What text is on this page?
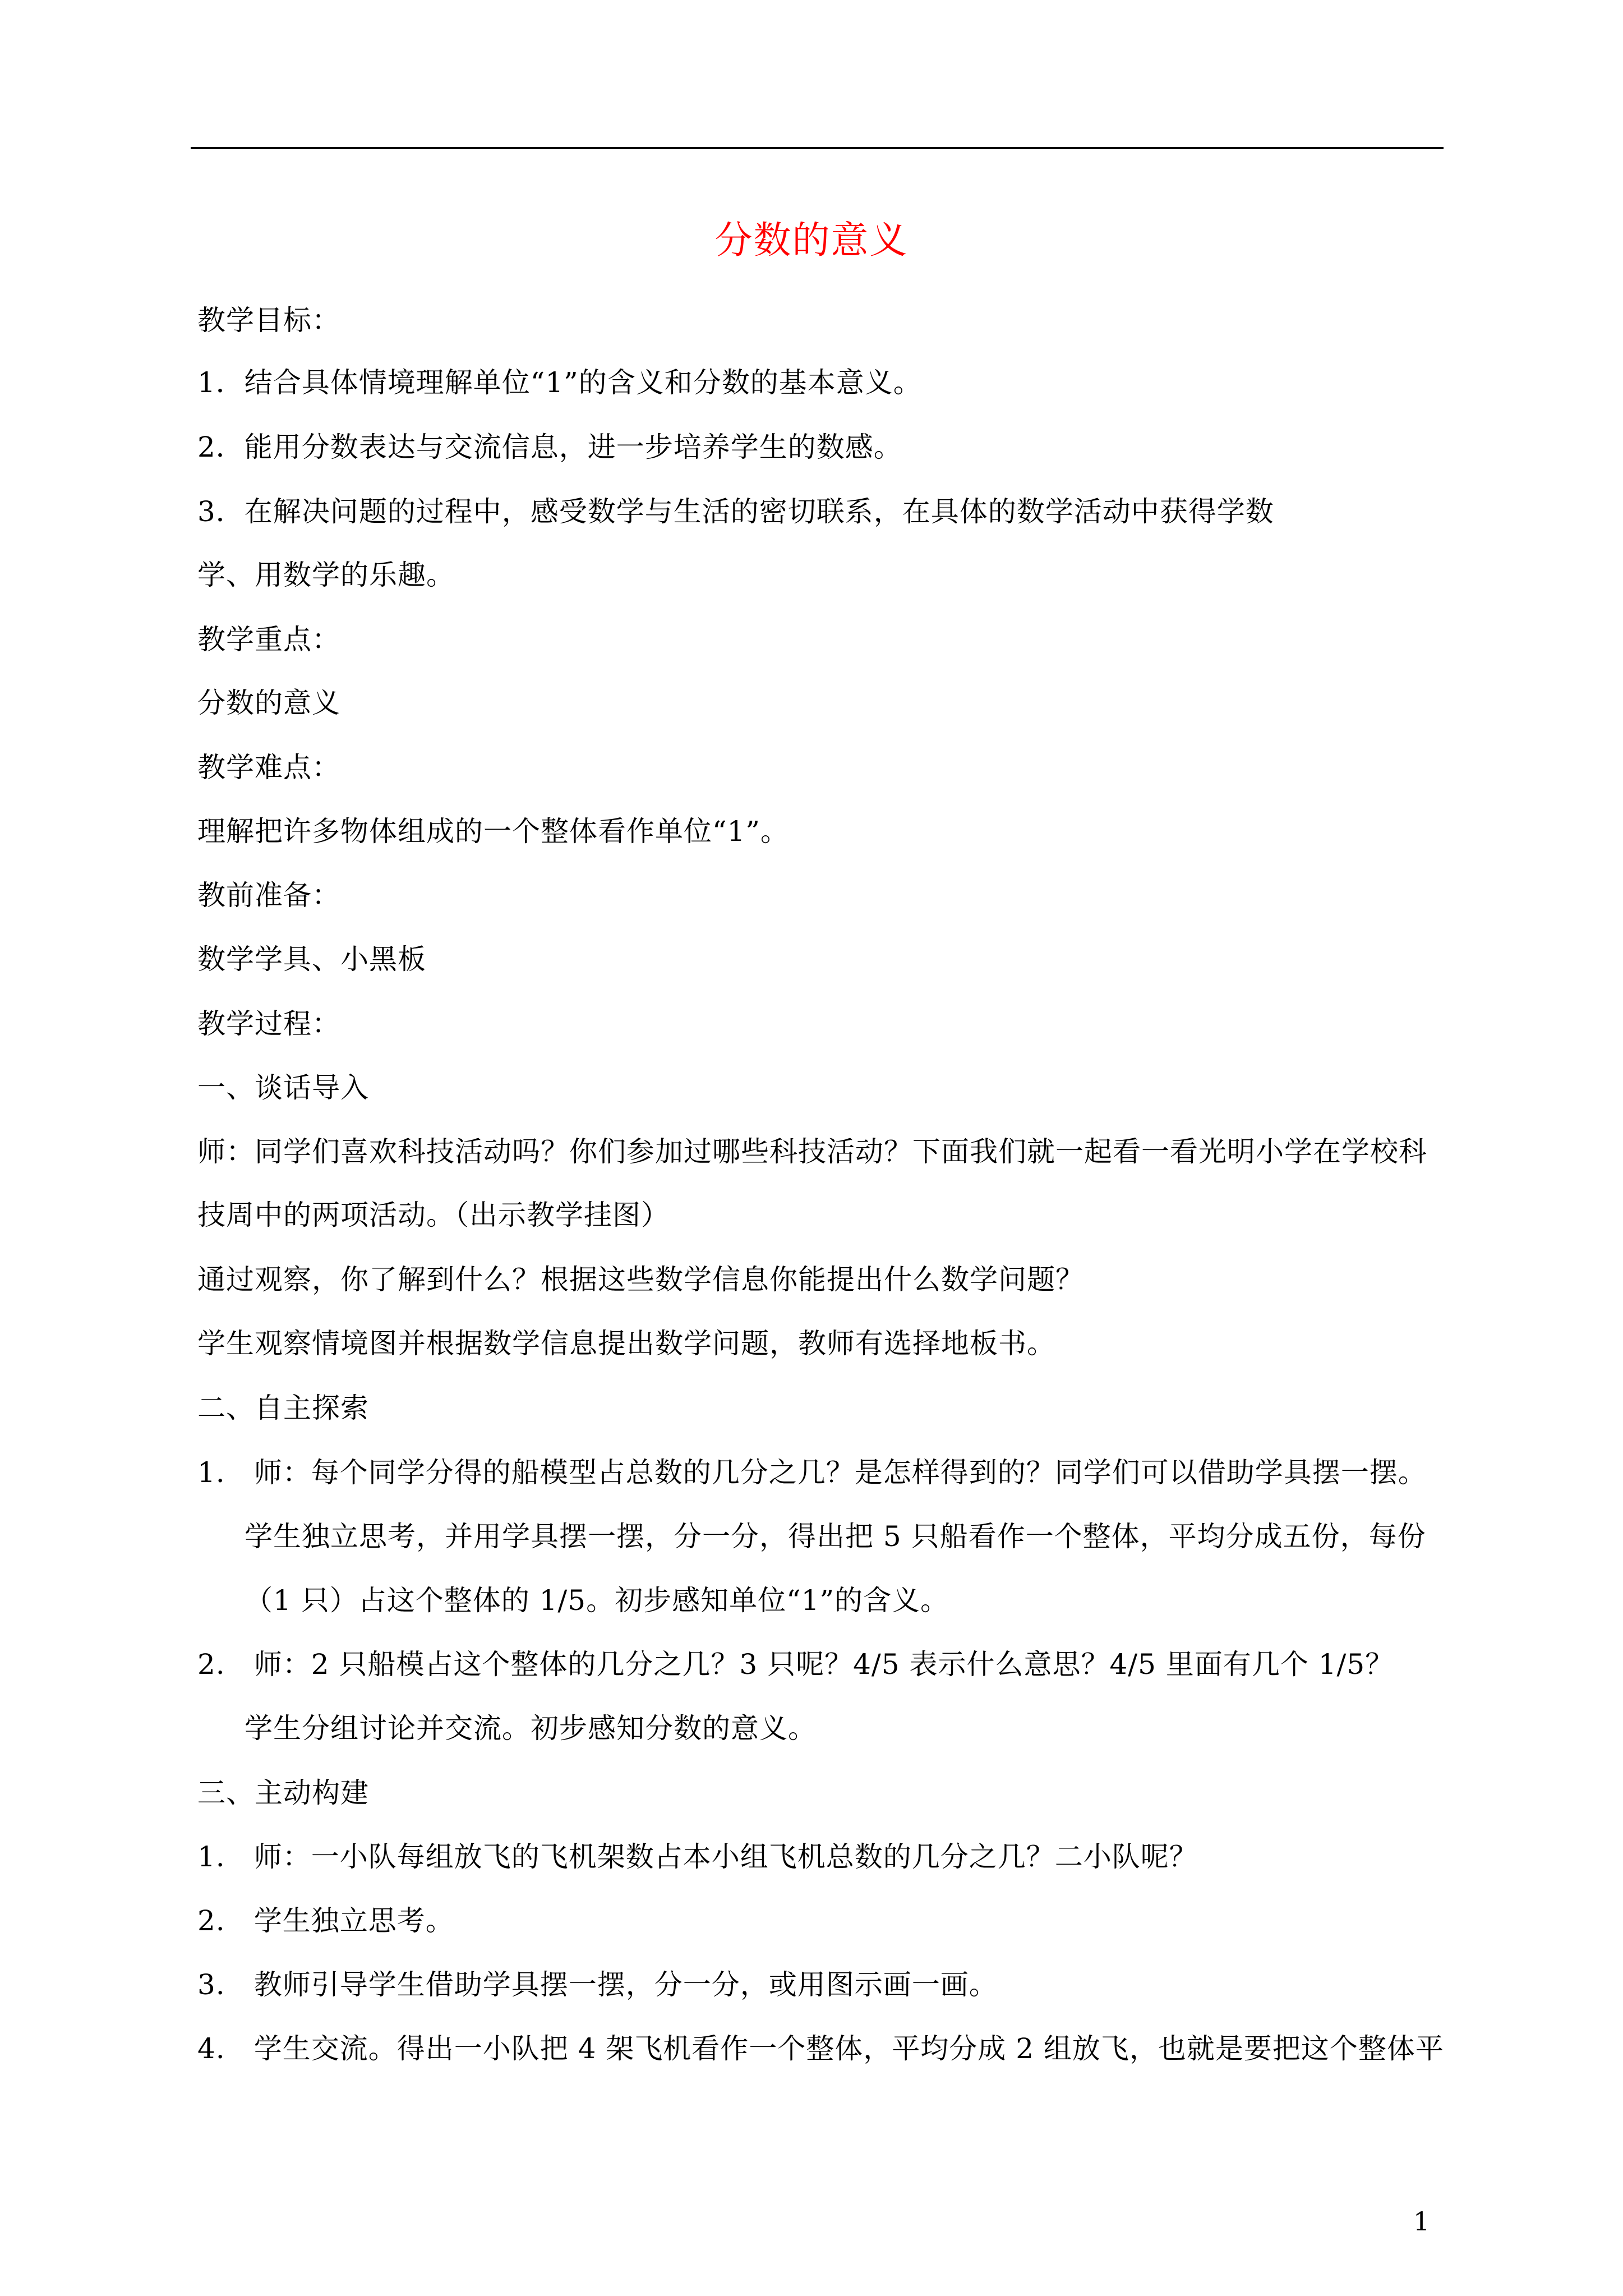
分数的意义
教学目标：
1．结合具体情境理解单位“1”的含义和分数的基本意义。
2．能用分数表达与交流信息，进一步培养学生的数感。
3．在解决问题的过程中，感受数学与生活的密切联系，在具体的数学活动中获得学数
学、用数学的乐趣。
教学重点：
分数的意义
教学难点：
理解把许多物体组成的一个整体看作单位“1”。
教前准备：
数学学具、小黑板
教学过程：
一、谈话导入
师：同学们喜欢科技活动吗？你们参加过哪些科技活动？下面我们就一起看一看光明小学在学校科
技周中的两项活动。（出示教学挂图）
通过观察，你了解到什么？根据这些数学信息你能提出什么数学问题？
学生观察情境图并根据数学信息提出数学问题，教师有选择地板书。
二、自主探索
1.　师：每个同学分得的船模型占总数的几分之几？是怎样得到的？同学们可以借助学具摆一摆。
学生独立思考，并用学具摆一摆，分一分，得出把 5 只船看作一个整体，平均分成五份，每份
（1 只）占这个整体的 1/5。初步感知单位“1”的含义。
2.　师：2 只船模占这个整体的几分之几？3 只呢？4/5 表示什么意思？4/5 里面有几个 1/5？
学生分组讨论并交流。初步感知分数的意义。
三、主动构建
1.　师：一小队每组放飞的飞机架数占本小组飞机总数的几分之几？二小队呢？
2.　学生独立思考。
3.　教师引导学生借助学具摆一摆，分一分，或用图示画一画。
4.　学生交流。得出一小队把 4 架飞机看作一个整体，平均分成 2 组放飞，也就是要把这个整体平
1
